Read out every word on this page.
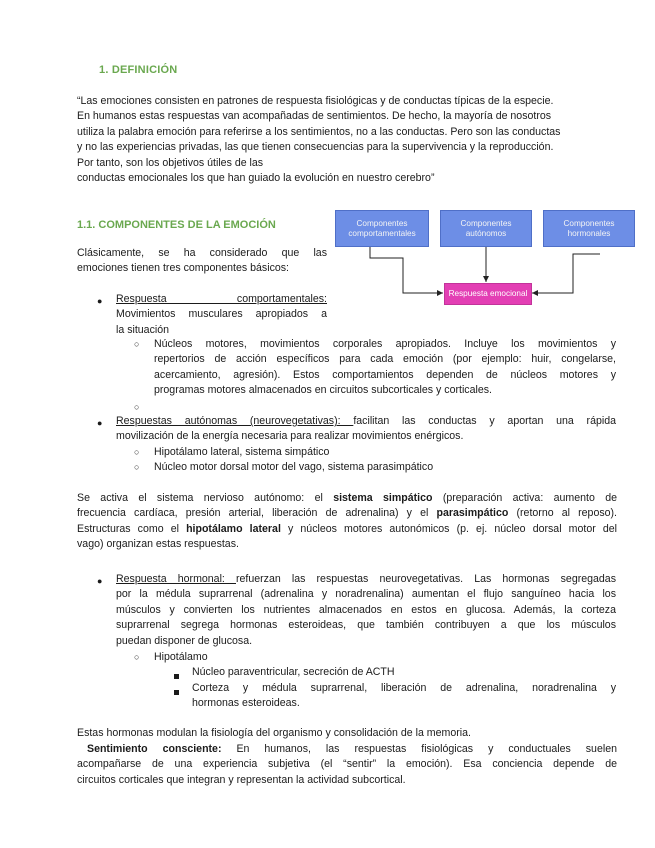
1. DEFINICIÓN
“Las emociones consisten en patrones de respuesta fisiológicas y de conductas típicas de la especie.
En humanos estas respuestas van acompañadas de sentimientos. De hecho, la mayoría de nosotros
utiliza la palabra emoción para referirse a los sentimientos, no a las conductas. Pero son las conductas
y no las experiencias privadas, las que tienen consecuencias para la supervivencia y la reproducción.
Por tanto, son los objetivos útiles de las
conductas emocionales los que han guiado la evolución en nuestro cerebro”
1.1. COMPONENTES DE LA EMOCIÓN
Clásicamente, se ha considerado que las
emociones tienen tres componentes básicos:
Componentes comportamentales
Componentes autónomos
Componentes hormonales
Respuesta emocional
● Respuesta comportamentales:
Movimientos musculares apropiados a
la situación
○ Núcleos motores, movimientos corporales apropiados. Incluye los movimientos y
repertorios de acción específicos para cada emoción (por ejemplo: huir, congelarse,
acercamiento, agresión). Estos comportamientos dependen de núcleos motores y
programas motores almacenados en circuitos subcorticales y corticales.
○
● Respuestas autónomas (neurovegetativas): facilitan las conductas y aportan una rápida
movilización de la energía necesaria para realizar movimientos enérgicos.
○ Hipotálamo lateral, sistema simpático
○ Núcleo motor dorsal motor del vago, sistema parasimpático
Se activa el sistema nervioso autónomo: el sistema simpático (preparación activa: aumento de
frecuencia cardíaca, presión arterial, liberación de adrenalina) y el parasimpático (retorno al reposo).
Estructuras como el hipotálamo lateral y núcleos motores autonómicos (p. ej. núcleo dorsal motor del
vago) organizan estas respuestas.
● Respuesta hormonal: refuerzan las respuestas neurovegetativas. Las hormonas segregadas
por la médula suprarrenal (adrenalina y noradrenalina) aumentan el flujo sanguíneo hacia los
músculos y convierten los nutrientes almacenados en estos en glucosa. Además, la corteza
suprarrenal segrega hormonas esteroideas, que también contribuyen a que los músculos
puedan disponer de glucosa.
○ Hipotálamo
Núcleo paraventricular, secreción de ACTH
Corteza y médula suprarrenal, liberación de adrenalina, noradrenalina y
hormonas esteroideas.
Estas hormonas modulan la fisiología del organismo y consolidación de la memoria.
Sentimiento consciente: En humanos, las respuestas fisiológicas y conductuales suelen
acompañarse de una experiencia subjetiva (el “sentir” la emoción). Esa conciencia depende de
circuitos corticales que integran y representan la actividad subcortical.
